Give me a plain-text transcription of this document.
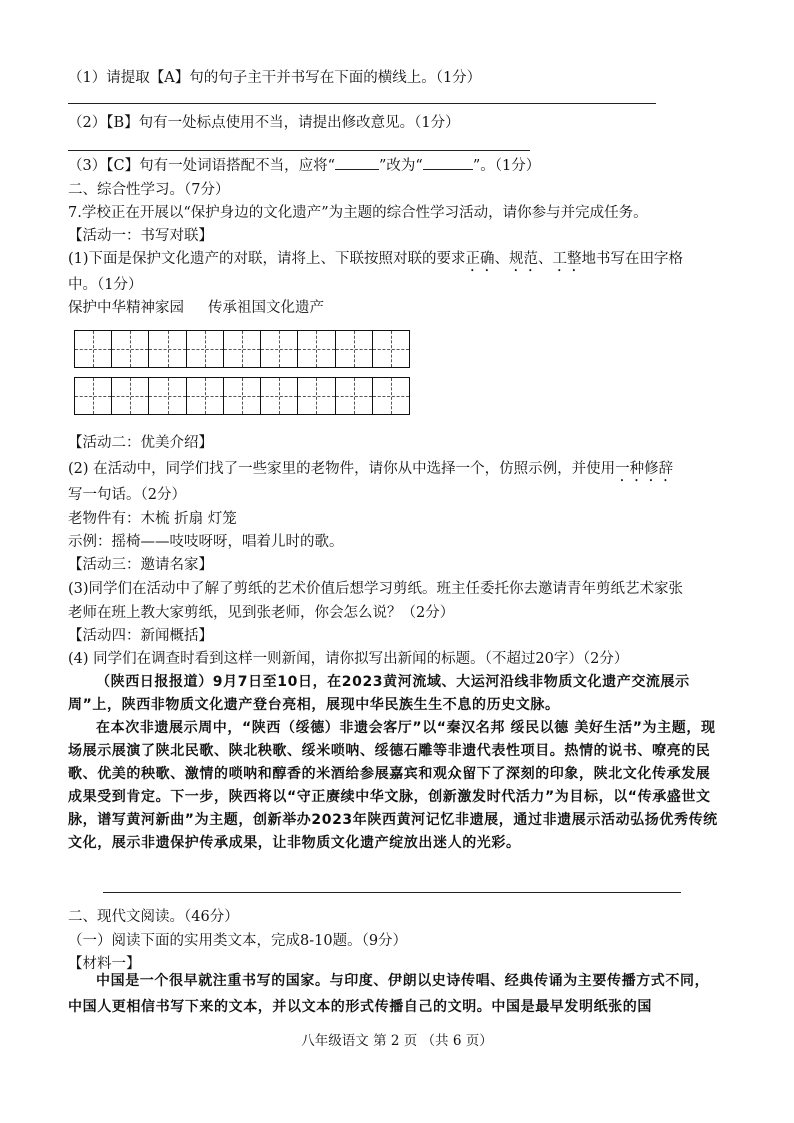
（1）请提取【A】句的句子主干并书写在下面的横线上。（1分）
（2）【B】句有一处标点使用不当，请提出修改意见。（1分）
（3）【C】句有一处词语搭配不当，应将“	”改为“	”。（1分）
二、综合性学习。（7分）
7.学校正在开展以“保护身边的文化遗产”为主题的综合性学习活动，请你参与并完成任务。
【活动一：书写对联】
(1)下面是保护文化遗产的对联，请将上、下联按照对联的要求正确、规范、工整地书写在田字格
中。（1分）
保护中华精神家园 传承祖国文化遗产
【活动二：优美介绍】
(2) 在活动中，同学们找了一些家里的老物件，请你从中选择一个，仿照示例，并使用一种修辞
写一句话。（2分）
老物件有：木梳 折扇 灯笼
示例：摇椅——吱吱呀呀，唱着儿时的歌。
【活动三：邀请名家】
(3)同学们在活动中了解了剪纸的艺术价值后想学习剪纸。班主任委托你去邀请青年剪纸艺术家张
老师在班上教大家剪纸，见到张老师，你会怎么说？（2分）
【活动四：新闻概括】
(4) 同学们在调查时看到这样一则新闻，请你拟写出新闻的标题。（不超过20字）（2分）
（陕西日报报道）9月7日至10日，在2023黄河流域、大运河沿线非物质文化遗产交流展示周”上，陕西非物质文化遗产登台亮相，展现中华民族生生不息的历史文脉。
在本次非遗展示周中，“陕西（绥德）非遗会客厅”以“秦汉名邦 绥民以德 美好生活”为主题，现场展示展演了陕北民歌、陕北秧歌、绥米唢呐、绥德石雕等非遗代表性项目。热情的说书、嘹亮的民歌、优美的秧歌、激情的唢呐和醇香的米酒给参展嘉宾和观众留下了深刻的印象，陕北文化传承发展成果受到肯定。下一步，陕西将以“守正赓续中华文脉，创新激发时代活力”为目标，以“传承盛世文脉，谱写黄河新曲”为主题，创新举办2023年陕西黄河记忆非遗展，通过非遗展示活动弘扬优秀传统文化，展示非遗保护传承成果，让非物质文化遗产绽放出迷人的光彩。
二、现代文阅读。（46分）
（一）阅读下面的实用类文本，完成8-10题。（9分）
【材料一】
中国是一个很早就注重书写的国家。与印度、伊朗以史诗传唱、经典传诵为主要传播方式不同，中国人更相信书写下来的文本，并以文本的形式传播自己的文明。中国是最早发明纸张的国
八年级语文 第 2 页 （共 6 页）
